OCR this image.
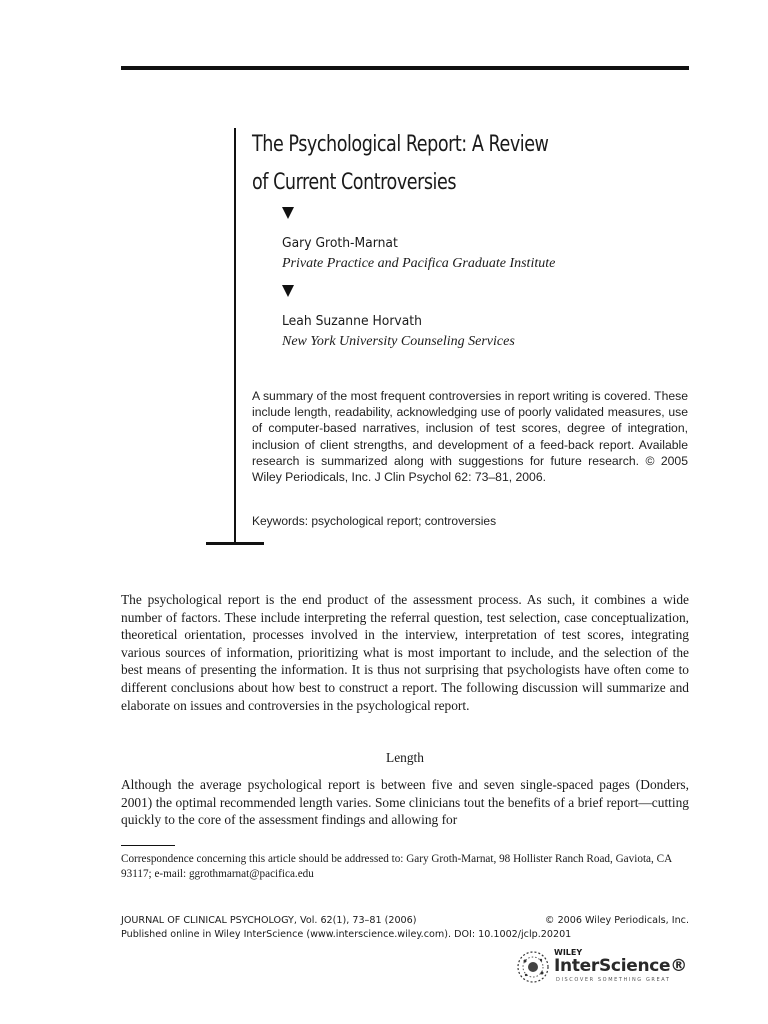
The Psychological Report: A Review
of Current Controversies
Gary Groth-Marnat
Private Practice and Pacifica Graduate Institute
Leah Suzanne Horvath
New York University Counseling Services

A summary of the most frequent controversies in report writing is covered. These include length, readability, acknowledging use of poorly validated measures, use of computer-based narratives, inclusion of test scores, degree of integration, inclusion of client strengths, and development of a feed-back report. Available research is summarized along with suggestions for future research. © 2005 Wiley Periodicals, Inc. J Clin Psychol 62: 73–81, 2006.

Keywords: psychological report; controversies

The psychological report is the end product of the assessment process. As such, it combines a wide number of factors. These include interpreting the referral question, test selection, case conceptualization, theoretical orientation, processes involved in the interview, interpretation of test scores, integrating various sources of information, prioritizing what is most important to include, and the selection of the best means of presenting the information. It is thus not surprising that psychologists have often come to different conclusions about how best to construct a report. The following discussion will summarize and elaborate on issues and controversies in the psychological report.

Length

Although the average psychological report is between five and seven single-spaced pages (Donders, 2001) the optimal recommended length varies. Some clinicians tout the benefits of a brief report—cutting quickly to the core of the assessment findings and allowing for

Correspondence concerning this article should be addressed to: Gary Groth-Marnat, 98 Hollister Ranch Road, Gaviota, CA 93117; e-mail: ggrothmarnat@pacifica.edu

JOURNAL OF CLINICAL PSYCHOLOGY, Vol. 62(1), 73–81 (2006)	© 2006 Wiley Periodicals, Inc.
Published online in Wiley InterScience (www.interscience.wiley.com). DOI: 10.1002/jclp.20201
WILEY
InterScience®
DISCOVER SOMETHING GREAT
